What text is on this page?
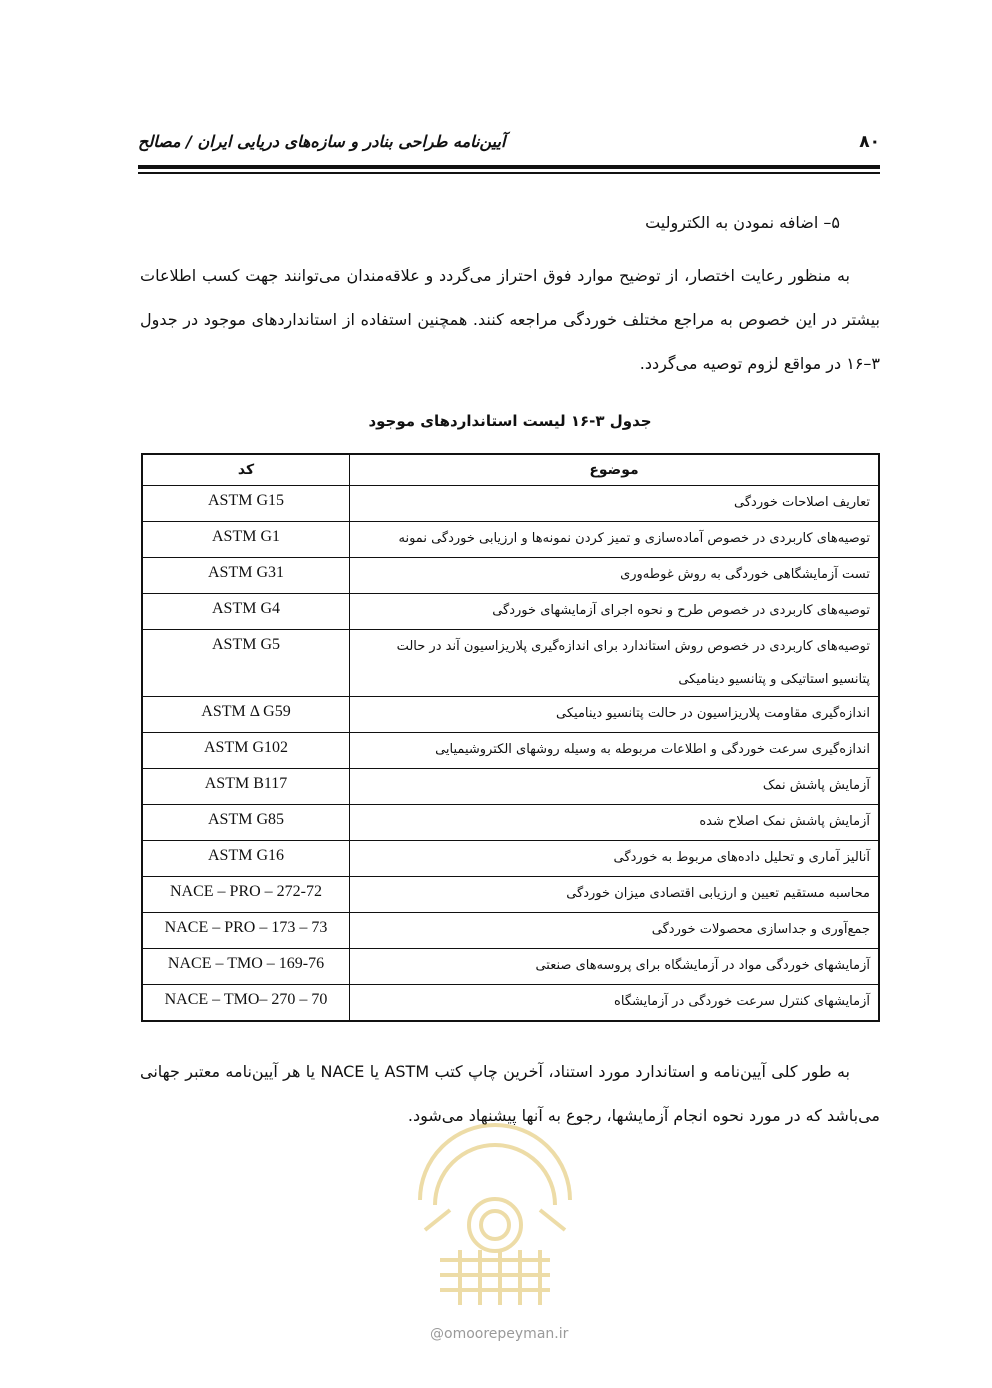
۸۰
آیین‌نامه طراحی بنادر و سازه‌های دریایی ایران / مصالح
۵– اضافه نمودن به الکترولیت
به منظور رعایت اختصار، از توضیح موارد فوق احتراز می‌گردد و علاقه‌مندان می‌توانند جهت کسب اطلاعات بیشتر در این خصوص به مراجع مختلف خوردگی مراجعه کنند. همچنین استفاده از استانداردهای موجود در جدول ۳–۱۶ در مواقع لزوم توصیه می‌گردد.
جدول ۳-۱۶ لیست استانداردهای موجود
موضوع	کد
تعاریف اصلاحات خوردگی	ASTM G15
توصیه‌های کاربردی در خصوص آماده‌سازی و تمیز کردن نمونه‌ها و ارزیابی خوردگی نمونه	ASTM G1
تست آزمایشگاهی خوردگی به روش غوطه‌وری	ASTM G31
توصیه‌های کاربردی در خصوص طرح و نحوه اجرای آزمایشهای خوردگی	ASTM G4
توصیه‌های کاربردی در خصوص روش استاندارد برای اندازه‌گیری پلاریزاسیون آند در حالت پتانسیو استاتیکی و پتانسیو دینامیکی	ASTM G5
اندازه‌گیری مقاومت پلاریزاسیون در حالت پتانسیو دینامیکی	ASTM Δ G59
اندازه‌گیری سرعت خوردگی و اطلاعات مربوطه به وسیله روشهای الکتروشیمیایی	ASTM G102
آزمایش پاشش نمک	ASTM B117
آزمایش پاشش نمک اصلاح شده	ASTM G85
آنالیز آماری و تحلیل داده‌های مربوط به خوردگی	ASTM G16
محاسبه مستقیم تعیین و ارزیابی اقتصادی میزان خوردگی	NACE – PRO – 272-72
جمع‌آوری و جداسازی محصولات خوردگی	73 – NACE – PRO – 173
آزمایشهای خوردگی مواد در آزمایشگاه برای پروسه‌های صنعتی	NACE – TMO – 169-76
آزمایشهای کنترل سرعت خوردگی در آزمایشگاه	70 – NACE – TMO– 270
به طور کلی آیین‌نامه و استاندارد مورد استناد، آخرین چاپ کتب ASTM یا NACE یا هر آیین‌نامه معتبر جهانی می‌باشد که در مورد نحوه انجام آزمایشها، رجوع به آنها پیشنهاد می‌شود.
@omoorepeyman.ir
